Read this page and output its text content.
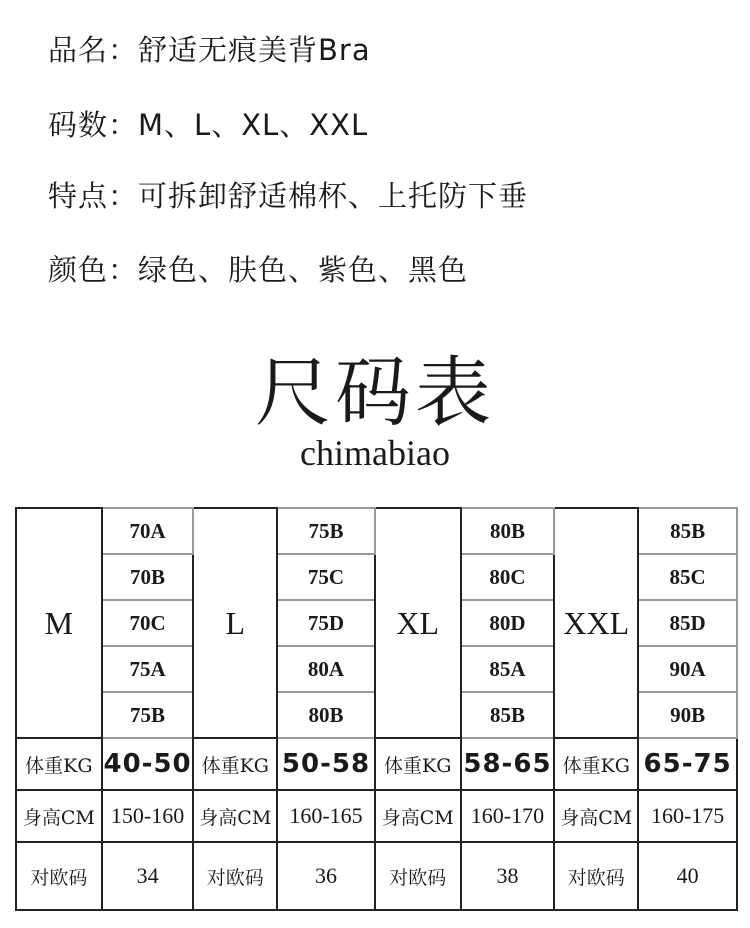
品名：舒适无痕美背Bra
码数：M、L、XL、XXL
特点：可拆卸舒适棉杯、上托防下垂
颜色：绿色、肤色、紫色、黑色
尺码表
chimabiao
M	70A	L	75B	XL	80B	XXL	85B
	70B		75C		80C		85C
	70C		75D		80D		85D
	75A		80A		85A		90A
	75B		80B		85B		90B
体重KG	40-50	体重KG	50-58	体重KG	58-65	体重KG	65-75
身高CM	150-160	身高CM	160-165	身高CM	160-170	身高CM	160-175
对欧码	34	对欧码	36	对欧码	38	对欧码	40
